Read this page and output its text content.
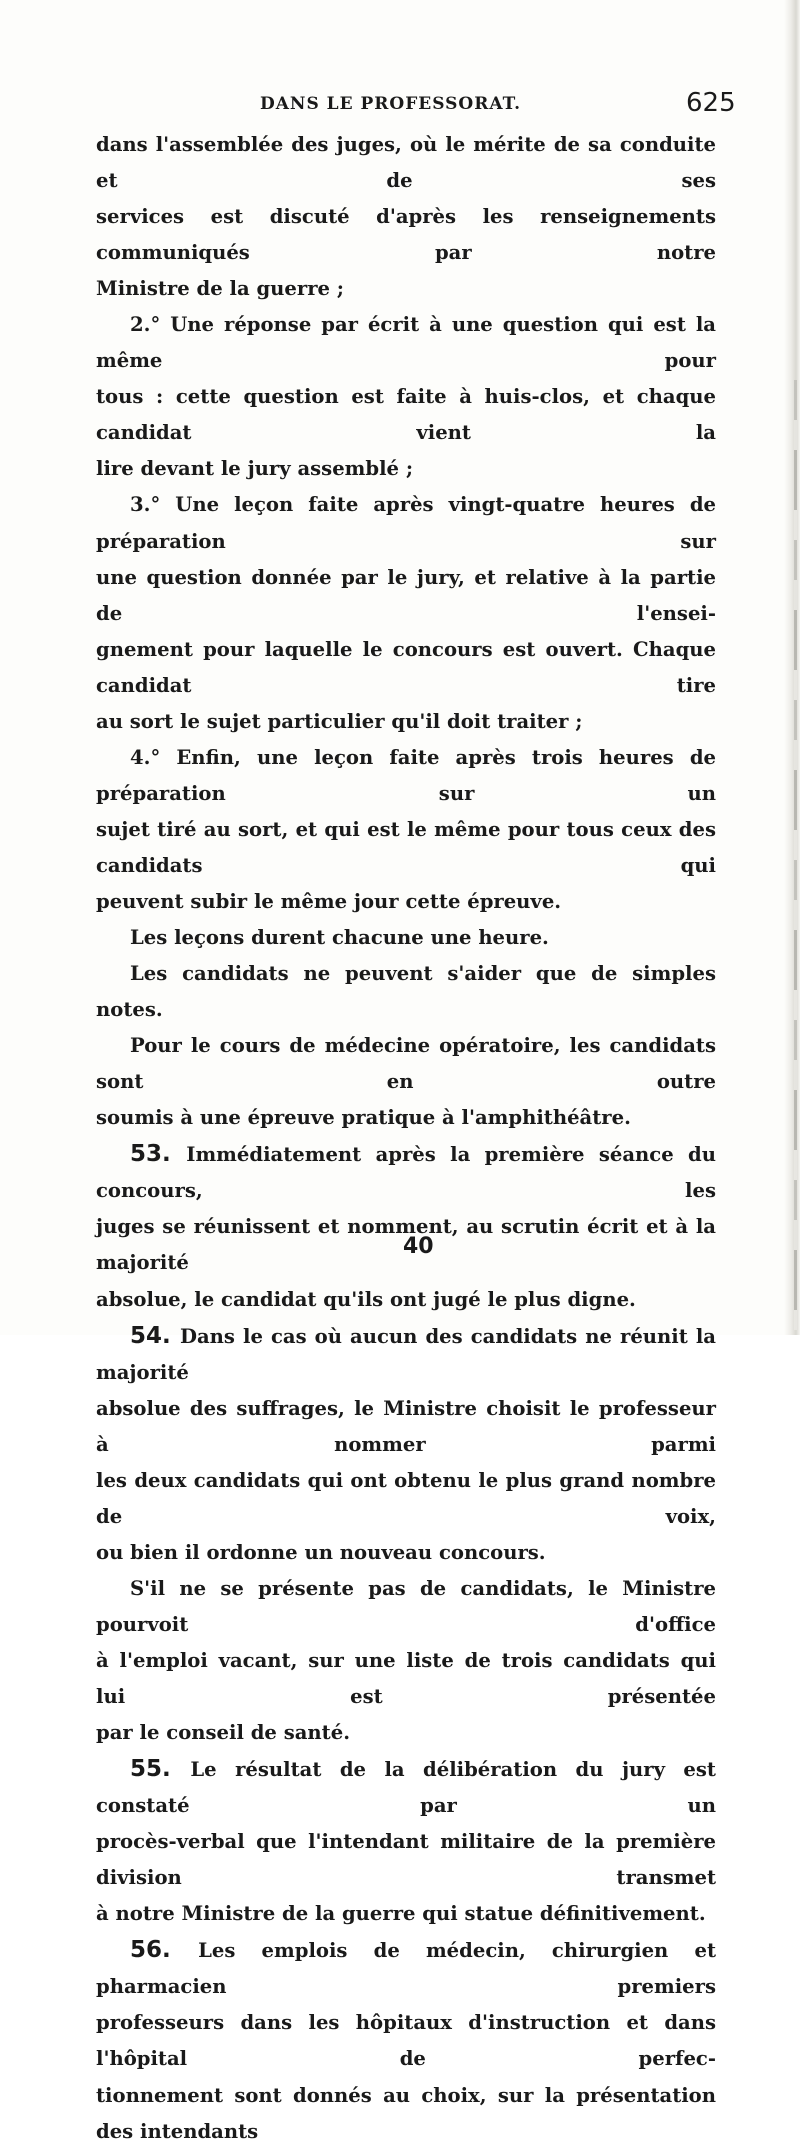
DANS LE PROFESSORAT.	625
dans l'assemblée des juges, où le mérite de sa conduite et de ses
services est discuté d'après les renseignements communiqués par notre
Ministre de la guerre ;
2.° Une réponse par écrit à une question qui est la même pour
tous : cette question est faite à huis-clos, et chaque candidat vient la
lire devant le jury assemblé ;
3.° Une leçon faite après vingt-quatre heures de préparation sur
une question donnée par le jury, et relative à la partie de l'ensei-
gnement pour laquelle le concours est ouvert. Chaque candidat tire
au sort le sujet particulier qu'il doit traiter ;
4.° Enfin, une leçon faite après trois heures de préparation sur un
sujet tiré au sort, et qui est le même pour tous ceux des candidats qui
peuvent subir le même jour cette épreuve.
Les leçons durent chacune une heure.
Les candidats ne peuvent s'aider que de simples notes.
Pour le cours de médecine opératoire, les candidats sont en outre
soumis à une épreuve pratique à l'amphithéâtre.
53. Immédiatement après la première séance du concours, les
juges se réunissent et nomment, au scrutin écrit et à la majorité
absolue, le candidat qu'ils ont jugé le plus digne.
54. Dans le cas où aucun des candidats ne réunit la majorité
absolue des suffrages, le Ministre choisit le professeur à nommer parmi
les deux candidats qui ont obtenu le plus grand nombre de voix,
ou bien il ordonne un nouveau concours.
S'il ne se présente pas de candidats, le Ministre pourvoit d'office
à l'emploi vacant, sur une liste de trois candidats qui lui est présentée
par le conseil de santé.
55. Le résultat de la délibération du jury est constaté par un
procès-verbal que l'intendant militaire de la première division transmet
à notre Ministre de la guerre qui statue définitivement.
56. Les emplois de médecin, chirurgien et pharmacien premiers
professeurs dans les hôpitaux d'instruction et dans l'hôpital de perfec-
tionnement sont donnés au choix, sur la présentation des intendants
40
